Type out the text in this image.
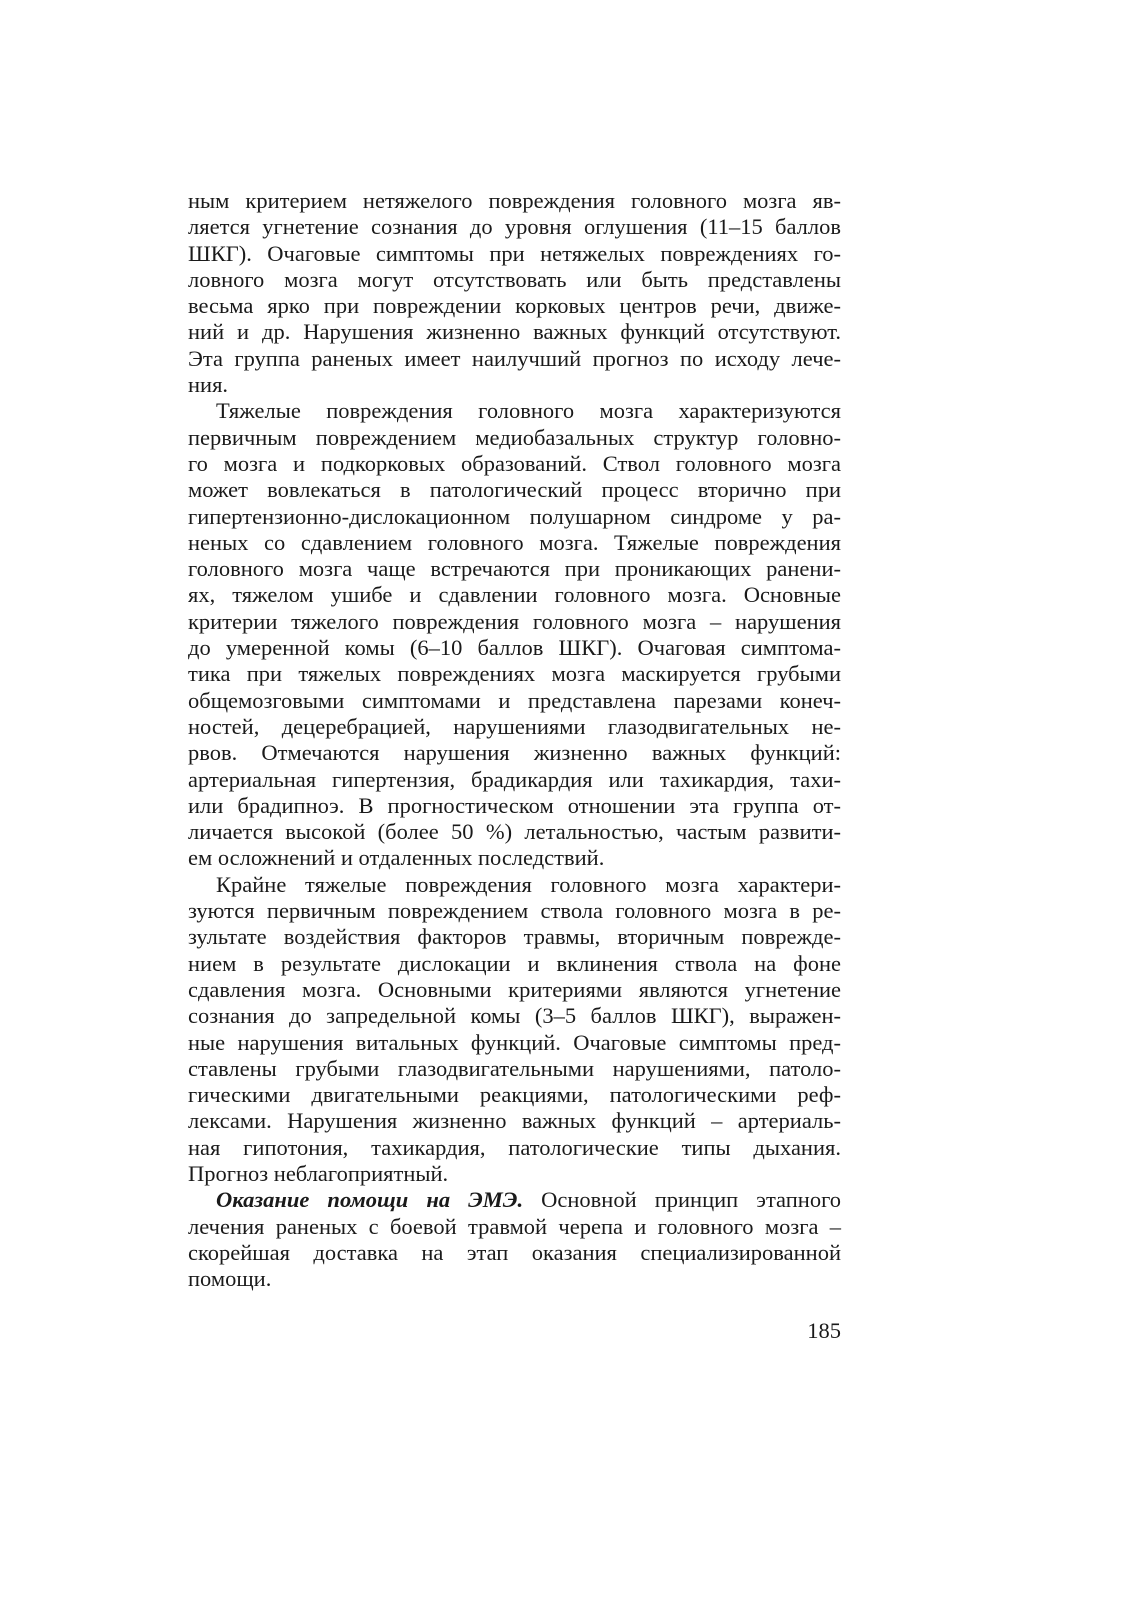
ным критерием нетяжелого повреждения головного мозга яв-
ляется угнетение сознания до уровня оглушения (11–15 баллов
ШКГ). Очаговые симптомы при нетяжелых повреждениях го-
ловного мозга могут отсутствовать или быть представлены
весьма ярко при повреждении корковых центров речи, движе-
ний и др. Нарушения жизненно важных функций отсутствуют.
Эта группа раненых имеет наилучший прогноз по исходу лече-
ния.
Тяжелые повреждения головного мозга характеризуются
первичным повреждением медиобазальных структур головно-
го мозга и подкорковых образований. Ствол головного мозга
может вовлекаться в патологический процесс вторично при
гипертензионно-дислокационном полушарном синдроме у ра-
неных со сдавлением головного мозга. Тяжелые повреждения
головного мозга чаще встречаются при проникающих ранени-
ях, тяжелом ушибе и сдавлении головного мозга. Основные
критерии тяжелого повреждения головного мозга – нарушения
до умеренной комы (6–10 баллов ШКГ). Очаговая симптома-
тика при тяжелых повреждениях мозга маскируется грубыми
общемозговыми симптомами и представлена парезами конеч-
ностей, децеребрацией, нарушениями глазодвигательных не-
рвов. Отмечаются нарушения жизненно важных функций:
артериальная гипертензия, брадикардия или тахикардия, тахи-
или брадипноэ. В прогностическом отношении эта группа от-
личается высокой (более 50 %) летальностью, частым развити-
ем осложнений и отдаленных последствий.
Крайне тяжелые повреждения головного мозга характери-
зуются первичным повреждением ствола головного мозга в ре-
зультате воздействия факторов травмы, вторичным поврежде-
нием в результате дислокации и вклинения ствола на фоне
сдавления мозга. Основными критериями являются угнетение
сознания до запредельной комы (3–5 баллов ШКГ), выражен-
ные нарушения витальных функций. Очаговые симптомы пред-
ставлены грубыми глазодвигательными нарушениями, патоло-
гическими двигательными реакциями, патологическими реф-
лексами. Нарушения жизненно важных функций – артериаль-
ная гипотония, тахикардия, патологические типы дыхания.
Прогноз неблагоприятный.
Оказание помощи на ЭМЭ. Основной принцип этапного
лечения раненых с боевой травмой черепа и головного мозга –
скорейшая доставка на этап оказания специализированной
помощи.
185
